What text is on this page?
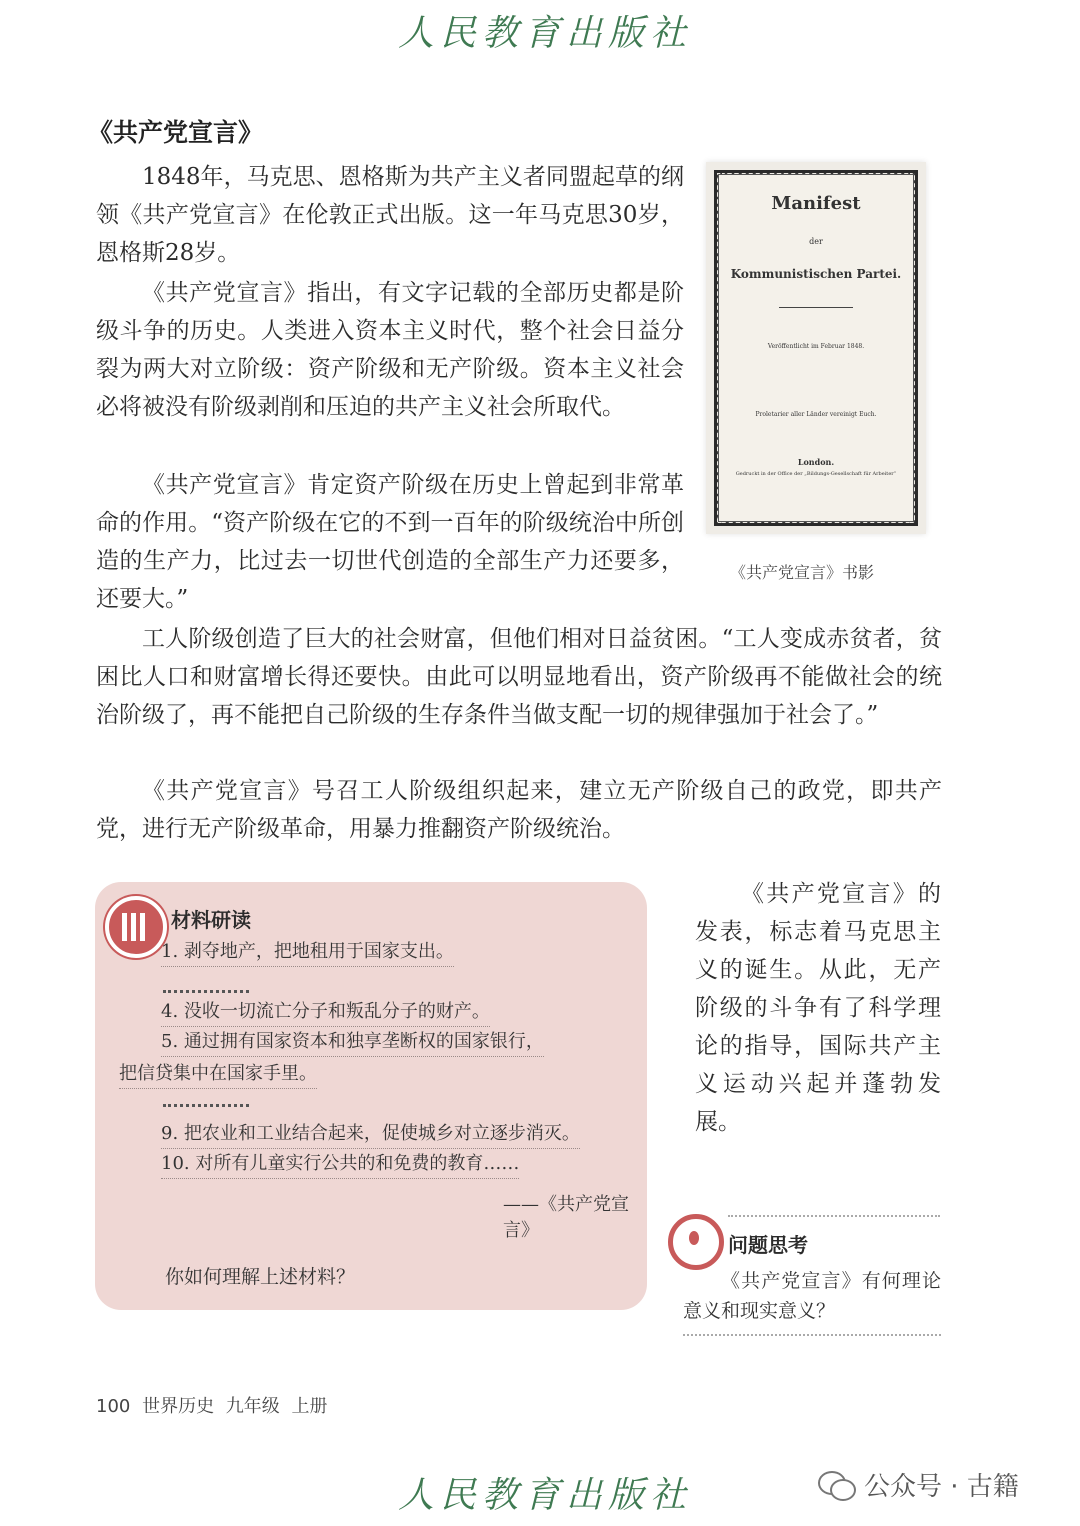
人民教育出版社
《共产党宣言》

1848年，马克思、恩格斯为共产主义者同盟起草的纲领《共产党宣言》在伦敦正式出版。这一年马克思30岁，恩格斯28岁。

《共产党宣言》指出，有文字记载的全部历史都是阶级斗争的历史。人类进入资本主义时代，整个社会日益分裂为两大对立阶级：资产阶级和无产阶级。资本主义社会必将被没有阶级剥削和压迫的共产主义社会所取代。

《共产党宣言》肯定资产阶级在历史上曾起到非常革命的作用。“资产阶级在它的不到一百年的阶级统治中所创造的生产力，比过去一切世代创造的全部生产力还要多，还要大。”

工人阶级创造了巨大的社会财富，但他们相对日益贫困。“工人变成赤贫者，贫困比人口和财富增长得还要快。由此可以明显地看出，资产阶级再不能做社会的统治阶级了，再不能把自己阶级的生存条件当做支配一切的规律强加于社会了。”

《共产党宣言》号召工人阶级组织起来，建立无产阶级自己的政党，即共产党，进行无产阶级革命，用暴力推翻资产阶级统治。

Manifest
der
Kommunistischen Partei.
Veröffentlicht im Februar 1848.
Proletarier aller Länder vereinigt Euch.
London.
Gedruckt in der Office der „Bildungs-Gesellschaft für Arbeiter“
《共产党宣言》书影
材料研读
1. 剥夺地产，把地租用于国家支出。
4. 没收一切流亡分子和叛乱分子的财产。
5. 通过拥有国家资本和独享垄断权的国家银行，
把信贷集中在国家手里。
9. 把农业和工业结合起来，促使城乡对立逐步消灭。
10. 对所有儿童实行公共的和免费的教育……
——《共产党宣言》
你如何理解上述材料？

《共产党宣言》的发表，标志着马克思主义的诞生。从此，无产阶级的斗争有了科学理论的指导，国际共产主义运动兴起并蓬勃发展。

问题思考

《共产党宣言》有何理论意义和现实意义？

100 世界历史 九年级 上册
人民教育出版社	公众号 · 古籍
